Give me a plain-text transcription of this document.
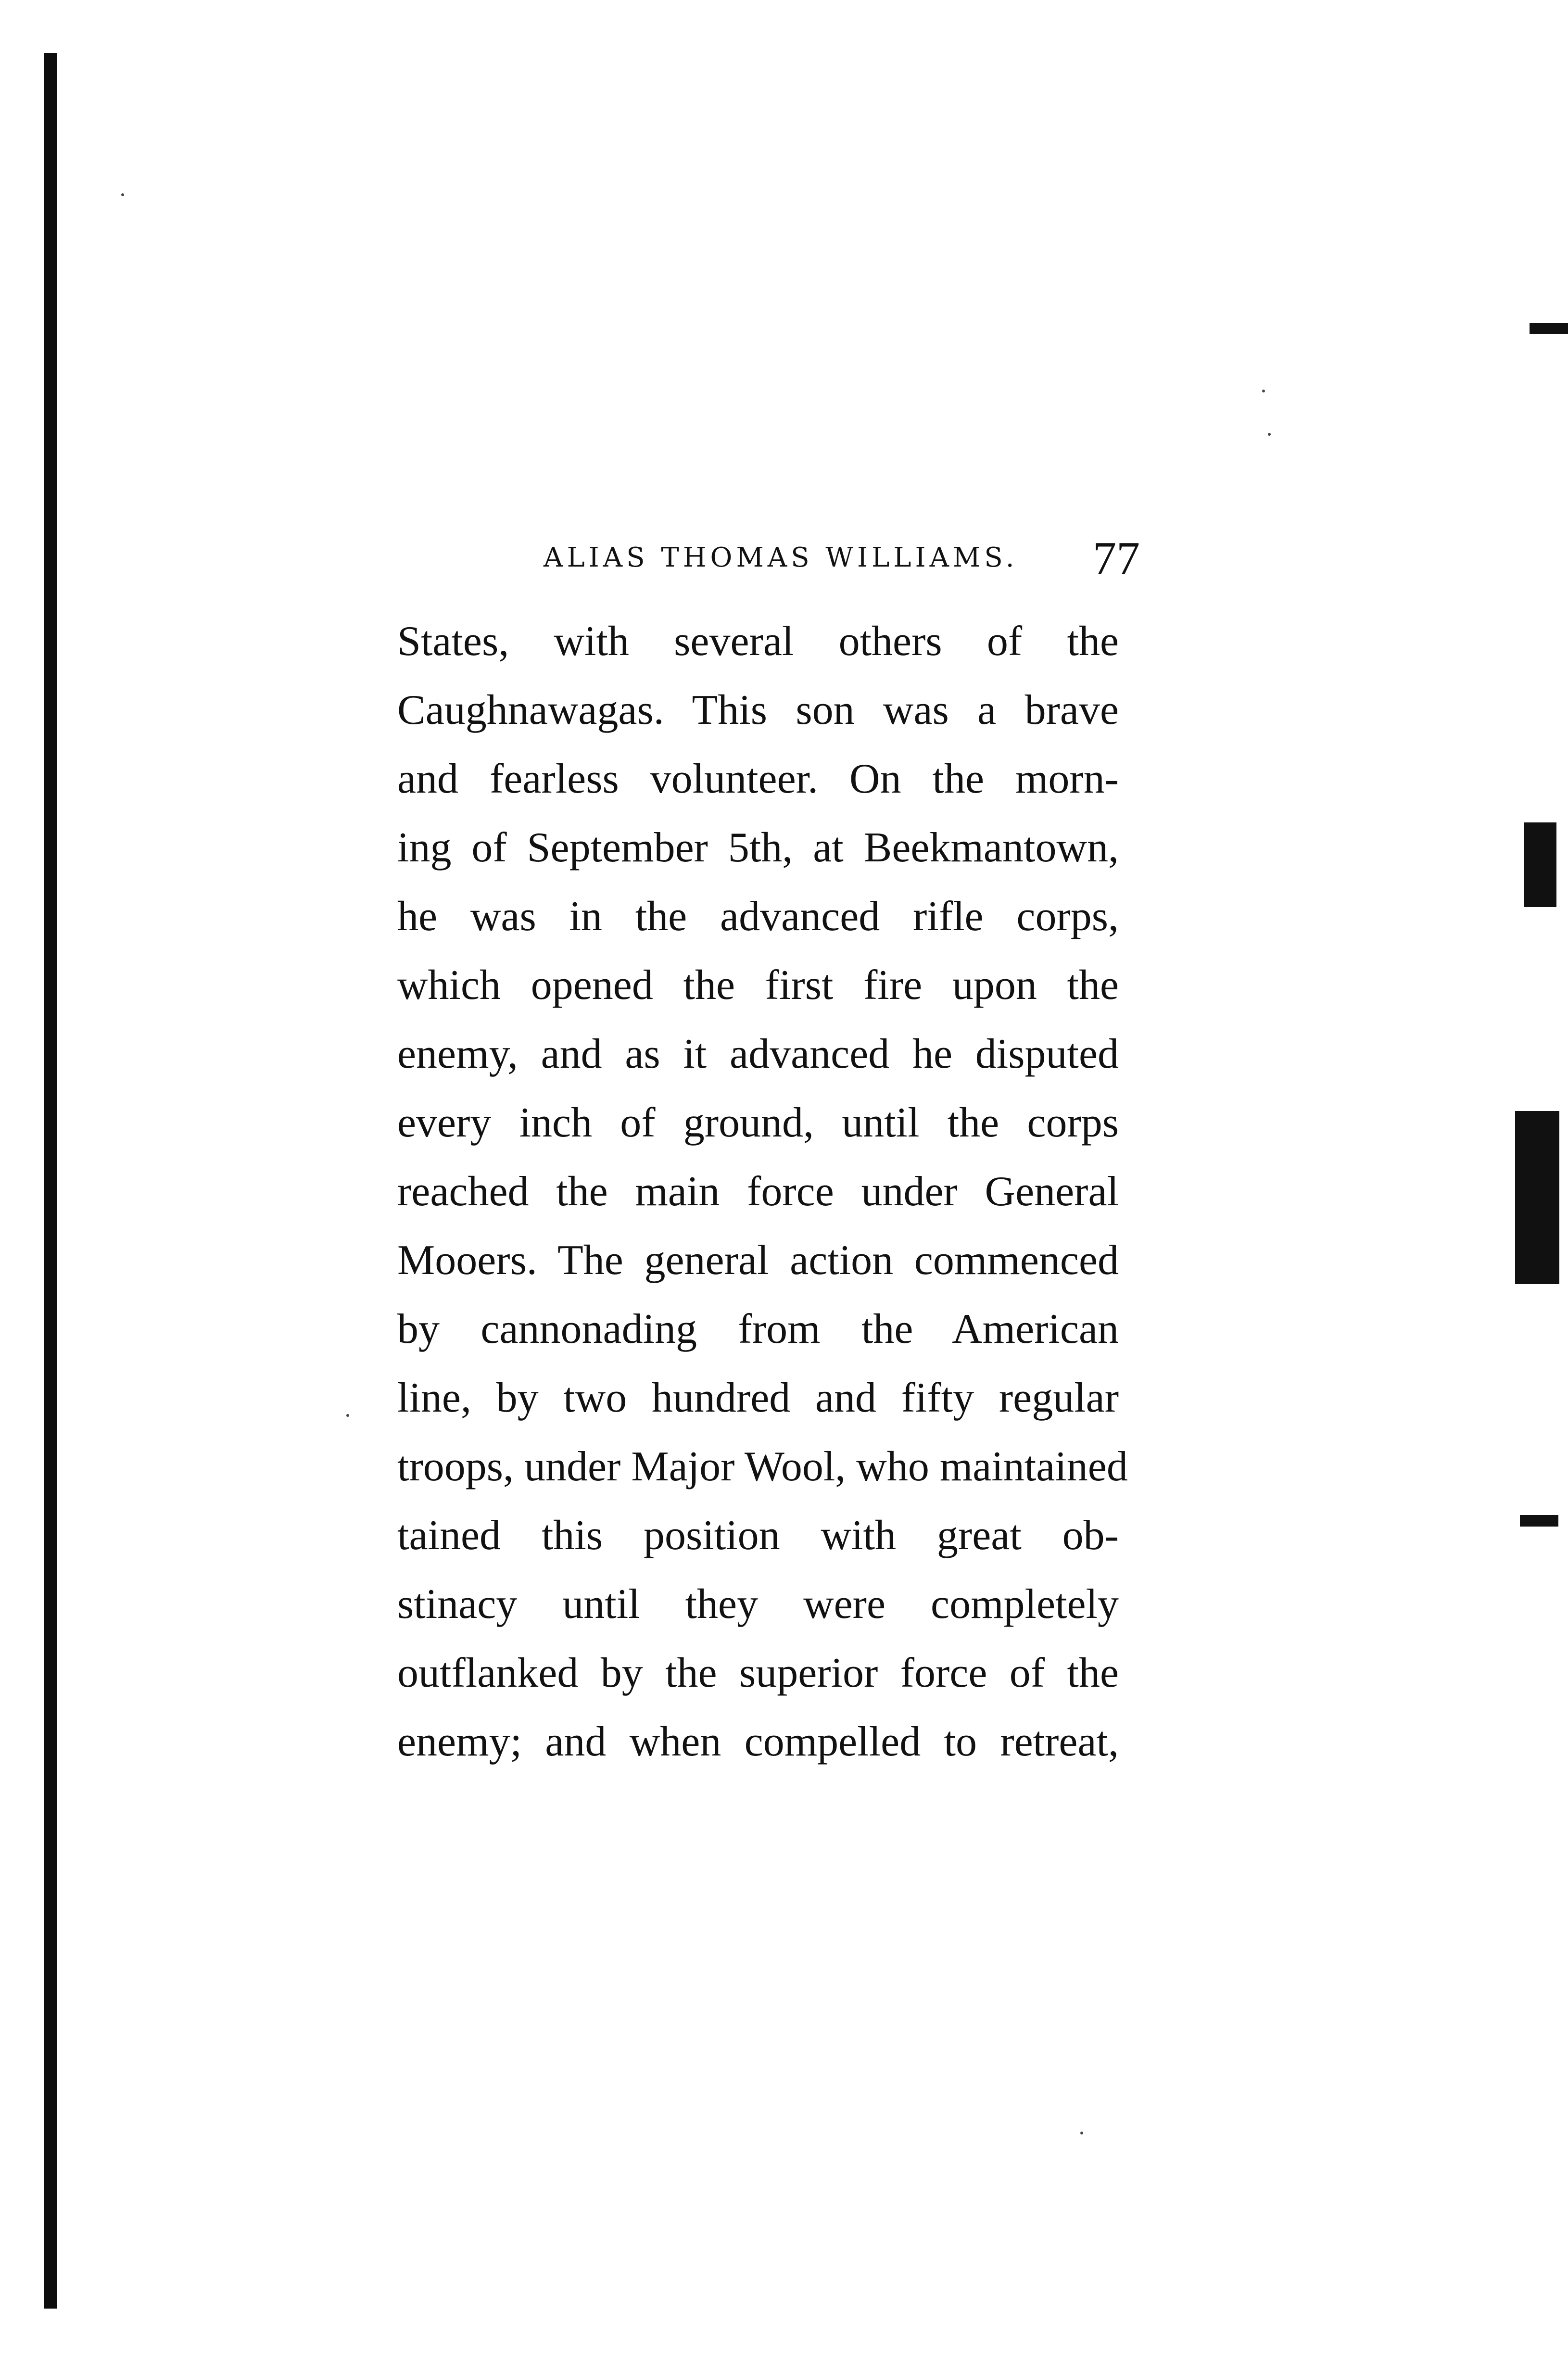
ALIAS THOMAS WILLIAMS. 77
States, with several others of the
Caughnawagas. This son was a brave
and fearless volunteer. On the morn-
ing of September 5th, at Beekmantown,
he was in the advanced rifle corps,
which opened the first fire upon the
enemy, and as it advanced he disputed
every inch of ground, until the corps
reached the main force under General
Mooers. The general action commenced
by cannonading from the American
line, by two hundred and fifty regular
troops, under Major Wool, who maintained
tained this position with great ob-
stinacy until they were completely
outflanked by the superior force of the
enemy; and when compelled to retreat,
